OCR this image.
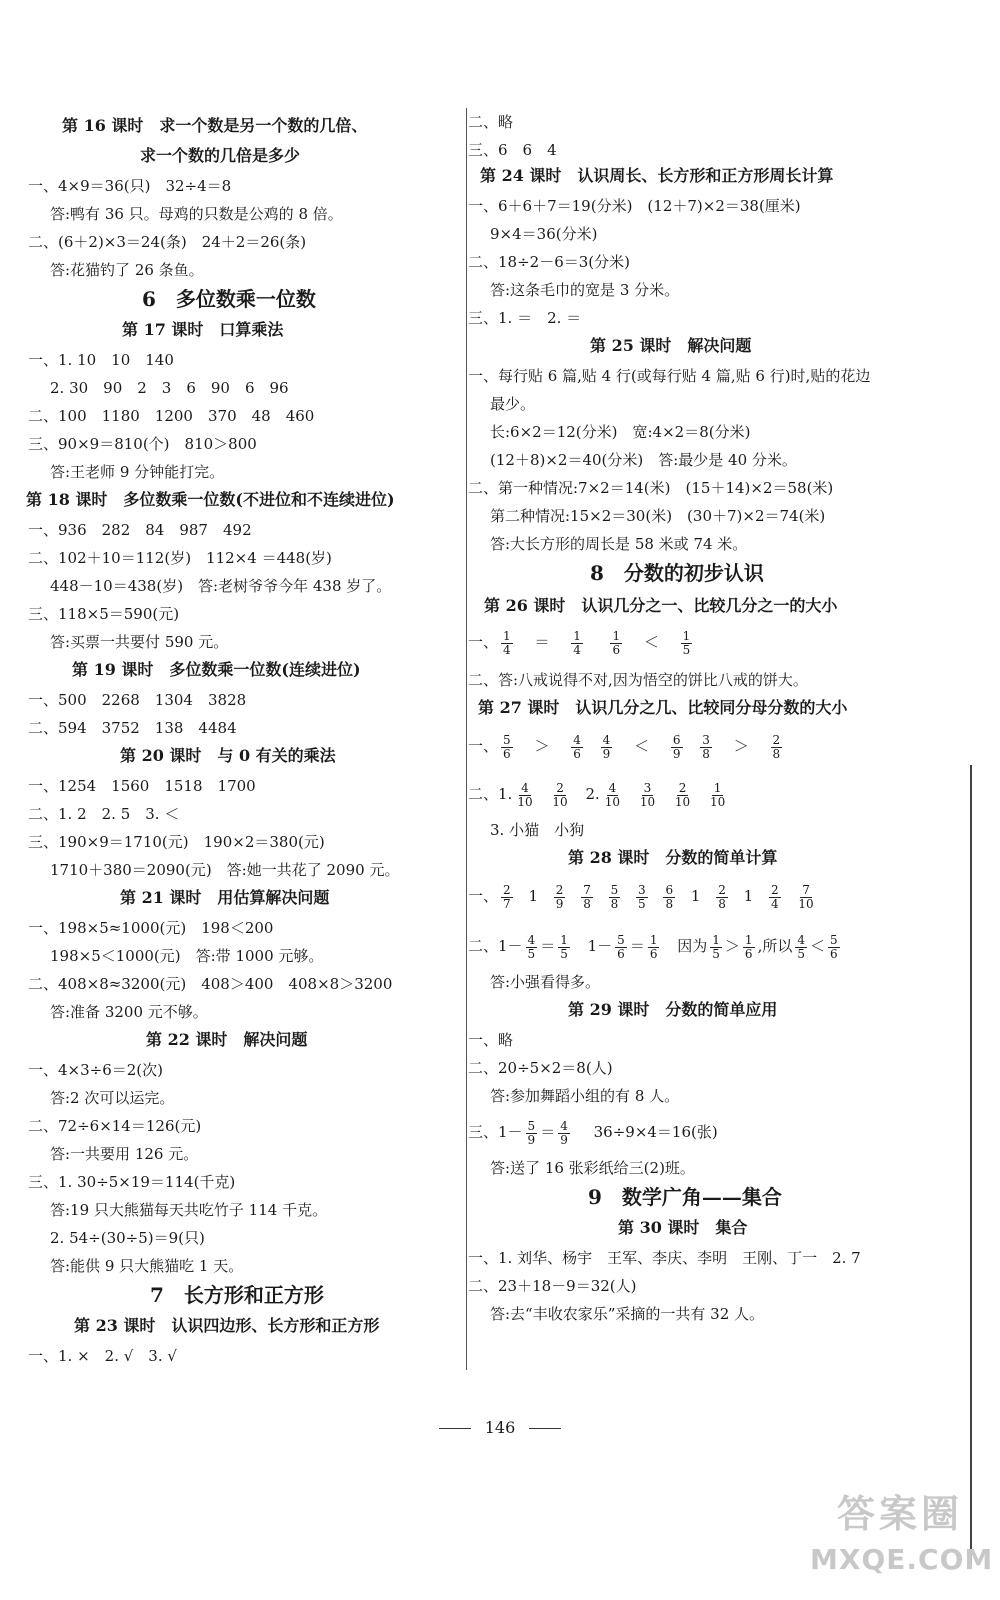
第 16 课时　求一个数是另一个数的几倍、
求一个数的几倍是多少
一、4×9＝36(只)　32÷4＝8
答:鸭有 36 只。母鸡的只数是公鸡的 8 倍。
二、(6＋2)×3＝24(条)　24＋2＝26(条)
答:花猫钓了 26 条鱼。
6　多位数乘一位数
第 17 课时　口算乘法
一、1. 10　10　140
2. 30　90　2　3　6　90　6　96
二、100　1180　1200　370　48　460
三、90×9＝810(个)　810＞800
答:王老师 9 分钟能打完。
第 18 课时　多位数乘一位数(不进位和不连续进位)
一、936　282　84　987　492
二、102＋10＝112(岁)　112×4 ＝448(岁)
448－10＝438(岁)　答:老树爷爷今年 438 岁了。
三、118×5＝590(元)
答:买票一共要付 590 元。
第 19 课时　多位数乘一位数(连续进位)
一、500　2268　1304　3828
二、594　3752　138　4484
第 20 课时　与 0 有关的乘法
一、1254　1560　1518　1700
二、1. 2　2. 5　3. ＜
三、190×9＝1710(元)　190×2＝380(元)
1710＋380＝2090(元)　答:她一共花了 2090 元。
第 21 课时　用估算解决问题
一、198×5≈1000(元)　198＜200
198×5＜1000(元)　答:带 1000 元够。
二、408×8≈3200(元)　408＞400　408×8＞3200
答:准备 3200 元不够。
第 22 课时　解决问题
一、4×3÷6＝2(次)
答:2 次可以运完。
二、72÷6×14＝126(元)
答:一共要用 126 元。
三、1. 30÷5×19＝114(千克)
答:19 只大熊猫每天共吃竹子 114 千克。
2. 54÷(30÷5)＝9(只)
答:能供 9 只大熊猫吃 1 天。
7　长方形和正方形
第 23 课时　认识四边形、长方形和正方形
一、1. ×　2. √　3. √
二、略
三、6　6　4
第 24 课时　认识周长、长方形和正方形周长计算
一、6＋6＋7＝19(分米)　(12＋7)×2＝38(厘米)
9×4＝36(分米)
二、18÷2－6＝3(分米)
答:这条毛巾的宽是 3 分米。
三、1. ＝　2. ＝
第 25 课时　解决问题
一、每行贴 6 篇,贴 4 行(或每行贴 4 篇,贴 6 行)时,贴的花边
最少。
长:6×2＝12(分米)　宽:4×2＝8(分米)
(12＋8)×2＝40(分米)　答:最少是 40 分米。
二、第一种情况:7×2＝14(米)　(15＋14)×2＝58(米)
第二种情况:15×2＝30(米)　(30＋7)×2＝74(米)
答:大长方形的周长是 58 米或 74 米。
8　分数的初步认识
第 26 课时　认识几分之一、比较几分之一的大小
一、 $\frac{1}{4} = \frac{1}{4}$
$\frac{1}{6} < \frac{1}{5}$
二、答:八戒说得不对,因为悟空的饼比八戒的饼大。
第 27 课时　认识几分之几、比较同分母分数的大小
一、 $\frac{5}{6} > \frac{4}{6}$
$\frac{4}{9} < \frac{6}{9}$
$\frac{3}{8} > \frac{2}{8}$
二、1. $\frac{4}{10}$
$\frac{2}{10} 2$. $\frac{4}{10}$
$\frac{3}{10}$
$\frac{2}{10}$
$\frac{1}{10}$
3. 小猫　小狗
第 28 课时　分数的简单计算
一、 $\frac{2}{7} 1 \frac{2}{9}$
$\frac{7}{8}$
$\frac{5}{8}$
$\frac{3}{5}$
$\frac{6}{8} 1 \frac{2}{8} 1 \frac{2}{4}$
$\frac{7}{10}$
二、$1- \frac{4}{5} = \frac{1}{5} 1- \frac{5}{6} = \frac{1}{6}$ 因为 $\frac{1}{5} > \frac{1}{6}$ ,所以 $\frac{4}{5} < \frac{5}{6}$
答:小强看得多。
第 29 课时　分数的简单应用
一、略
二、20÷5×2＝8(人)
答:参加舞蹈小组的有 8 人。
三、$1- \frac{5}{9} = \frac{4}{9} 36\div 9\times 4=16$(张)
答:送了 16 张彩纸给三(2)班。
9　数学广角——集合
第 30 课时　集合
一、1. 刘华、杨宇　王军、李庆、李明　王刚、丁一　2. 7
二、23＋18－9＝32(人)
答:去“丰收农家乐”采摘的一共有 32 人。
146
答案圈
MXQE.COM
